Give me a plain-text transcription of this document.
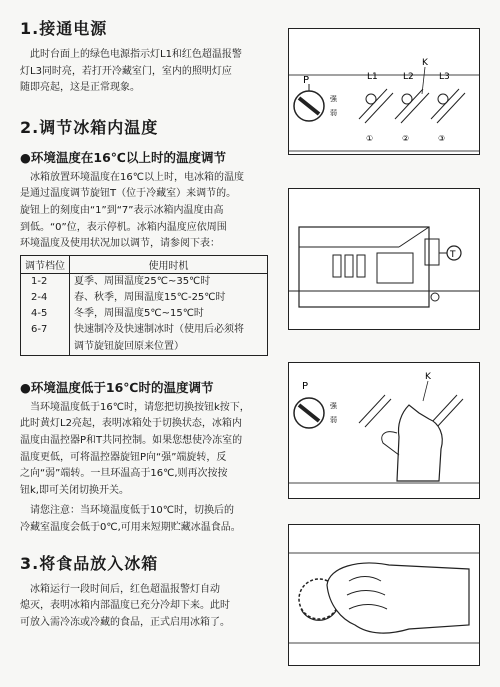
1.接通电源

此时台面上的绿色电源指示灯L1和红色超温报警

灯L3同时亮，若打开冷藏室门，室内的照明灯应

随即亮起，这是正常现象。

2.调节冰箱内温度
●环境温度在16℃以上时的温度调节

冰箱放置环境温度在16℃以上时，电冰箱的温度

是通过温度调节旋钮T（位于冷藏室）来调节的。

旋钮上的刻度由“1”到“7”表示冰箱内温度由高

到低。“0”位，表示停机。冰箱内温度应依周围

环境温度及使用状况加以调节，请参阅下表：

调节档位	使用时机
1-2	夏季、周围温度25℃~35℃时
2-4	春、秋季，周围温度15℃-25℃时
4-5	冬季，周围温度5℃~15℃时
6-7	快速制冷及快速制冰时（使用后必须将
	调节旋钮旋回原来位置）
●环境温度低于16℃时的温度调节

当环境温度低于16℃时，请您把切换按钮k按下，

此时黄灯L2亮起，表明冰箱处于切换状态，冰箱内

温度由温控器P和T共同控制。如果您想使冷冻室的

温度更低，可将温控器旋钮P向“强”端旋转，反

之向“弱”端转。一旦环温高于16℃,则再次按按

钮k,即可关闭切换开关。

请您注意：当环境温度低于10℃时，切换后的

冷藏室温度会低于0℃,可用来短期贮藏冰温食品。

3.将食品放入冰箱

冰箱运行一段时间后，红色超温报警灯自动

熄灭，表明冰箱内部温度已充分冷却下来。此时

可放入需冷冻或冷藏的食品，正式启用冰箱了。

P
强
弱
L1	L2	L3
K
①	②	③
T
P
强
弱
K
